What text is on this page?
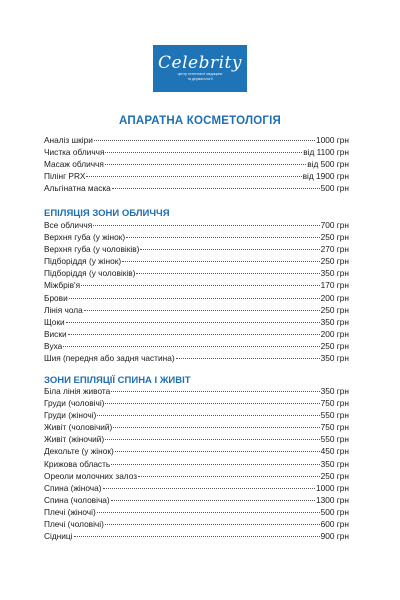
Celebrity
центр естетичної медицини
та дерматології
АПАРАТНА КОСМЕТОЛОГІЯ
Аналіз шкіри	1000 грн
Чистка обличчя	від 1100 грн
Масаж обличчя	від 500 грн
Пілінг PRX	від 1900 грн
Альгінатна маска	500 грн
ЕПІЛЯЦІЯ ЗОНИ ОБЛИЧЧЯ
Все обличчя	700 грн
Верхня губа (у жінок)	250 грн
Верхня губа (у чоловіків)	270 грн
Підборіддя (у жінок)	250 грн
Підборіддя (у чоловіків)	350 грн
Міжбрів'я	170 грн
Брови	200 грн
Лінія чола	250 грн
Щоки	350 грн
Виски	200 грн
Вуха	250 грн
Шия (передня або задня частина)	350 грн
ЗОНИ ЕПІЛЯЦІЇ СПИНА І ЖИВІТ
Біла лінія живота	350 грн
Груди (чоловічі)	750 грн
Груди (жіночі)	550 грн
Живіт (чоловічий)	750 грн
Живіт (жіночий)	550 грн
Декольте (у жінок)	450 грн
Крижова область	350 грн
Ореоли молочних залоз	250 грн
Спина (жіноча)	1000 грн
Спина (чоловіча)	1300 грн
Плечі (жіночі)	500 грн
Плечі (чоловічі)	600 грн
Сідниці	900 грн
